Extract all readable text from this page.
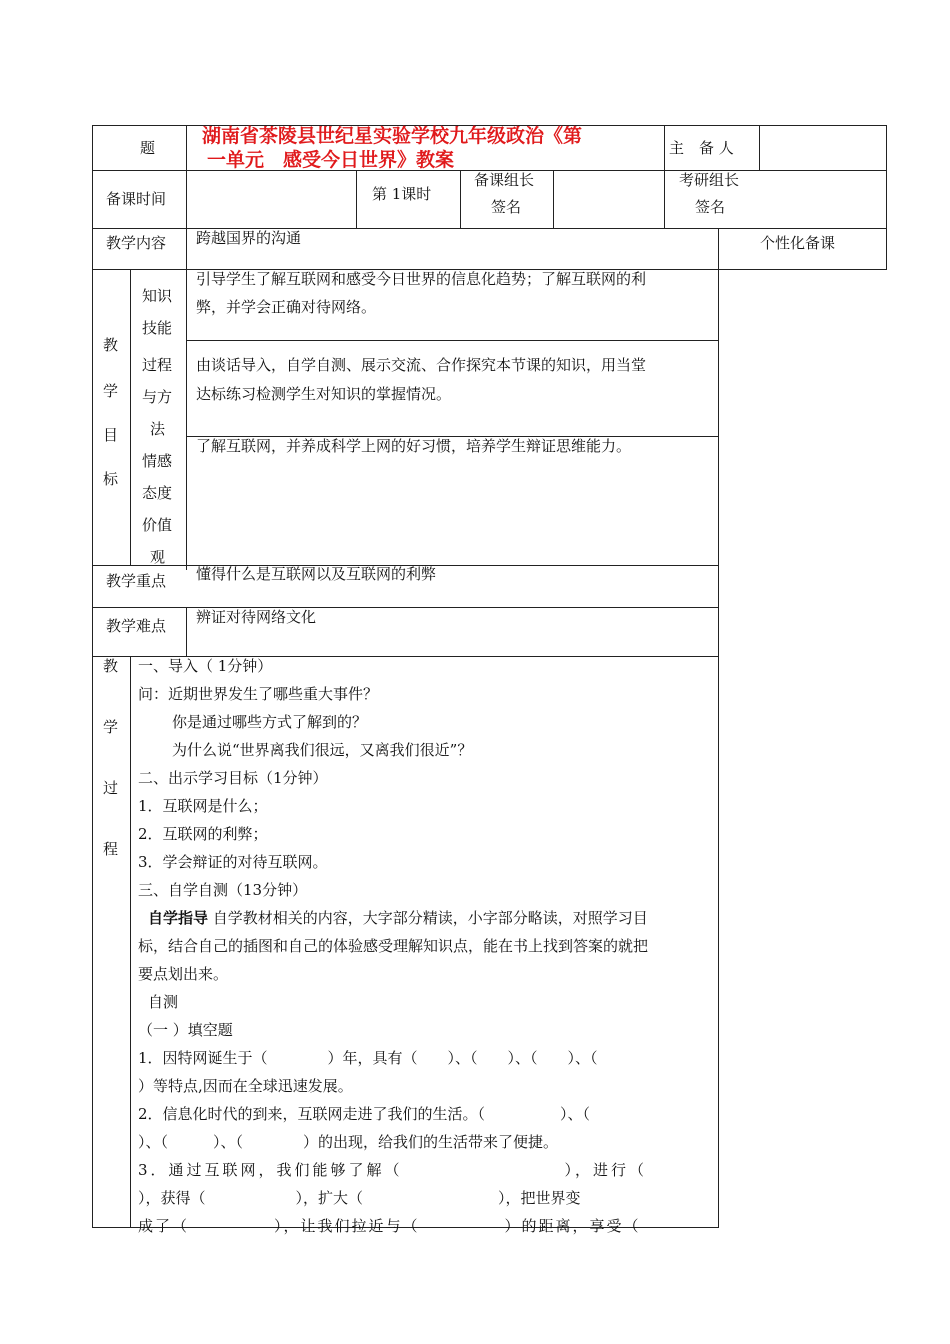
题
湖南省茶陵县世纪星实验学校九年级政治《第
一单元　感受今日世界》教案
主　备 人
备课时间	第 1课时
备课组长
签名
考研组长
签名
教学内容 跨越国界的沟通	个性化备课
教
学
目
标
知识
技能
引导学生了解互联网和感受今日世界的信息化趋势；了解互联网的利
弊，并学会正确对待网络。
过程
与方
法
由谈话导入，自学自测、展示交流、合作探究本节课的知识，用当堂
达标练习检测学生对知识的掌握情况。
情感
态度
价值
观
了解互联网，并养成科学上网的好习惯，培养学生辩证思维能力。
教学重点 懂得什么是互联网以及互联网的利弊
教学难点 辨证对待网络文化
教
学
过
程
一、导入（ 1分钟）
问：近期世界发生了哪些重大事件？
你是通过哪些方式了解到的？
为什么说“世界离我们很远，又离我们很近”？
二、出示学习目标（1分钟）
1．互联网是什么；
2．互联网的利弊；
3．学会辩证的对待互联网。
三、自学自测（13分钟）
自学指导 自学教材相关的内容，大字部分精读，小字部分略读，对照学习目
标，结合自己的插图和自己的体验感受理解知识点，能在书上找到答案的就把
要点划出来。
自测
（一 ）填空题
1．因特网诞生于（　　　　）年，具有（　　）、（　　）、（　　）、（
）等特点,因而在全球迅速发展。
2．信息化时代的到来，互联网走进了我们的生活。（　　　　　）、（
）、（　　　）、（　　　　）的出现，给我们的生活带来了便捷。
3．通过互联网，我们能够了解（　　　　　　　　　），进行（
），获得（　　　　　　），扩大（　　　　　　　　　），把世界变
成了（　　　　　），让我们拉近与（　　　　　）的距离，享受（
